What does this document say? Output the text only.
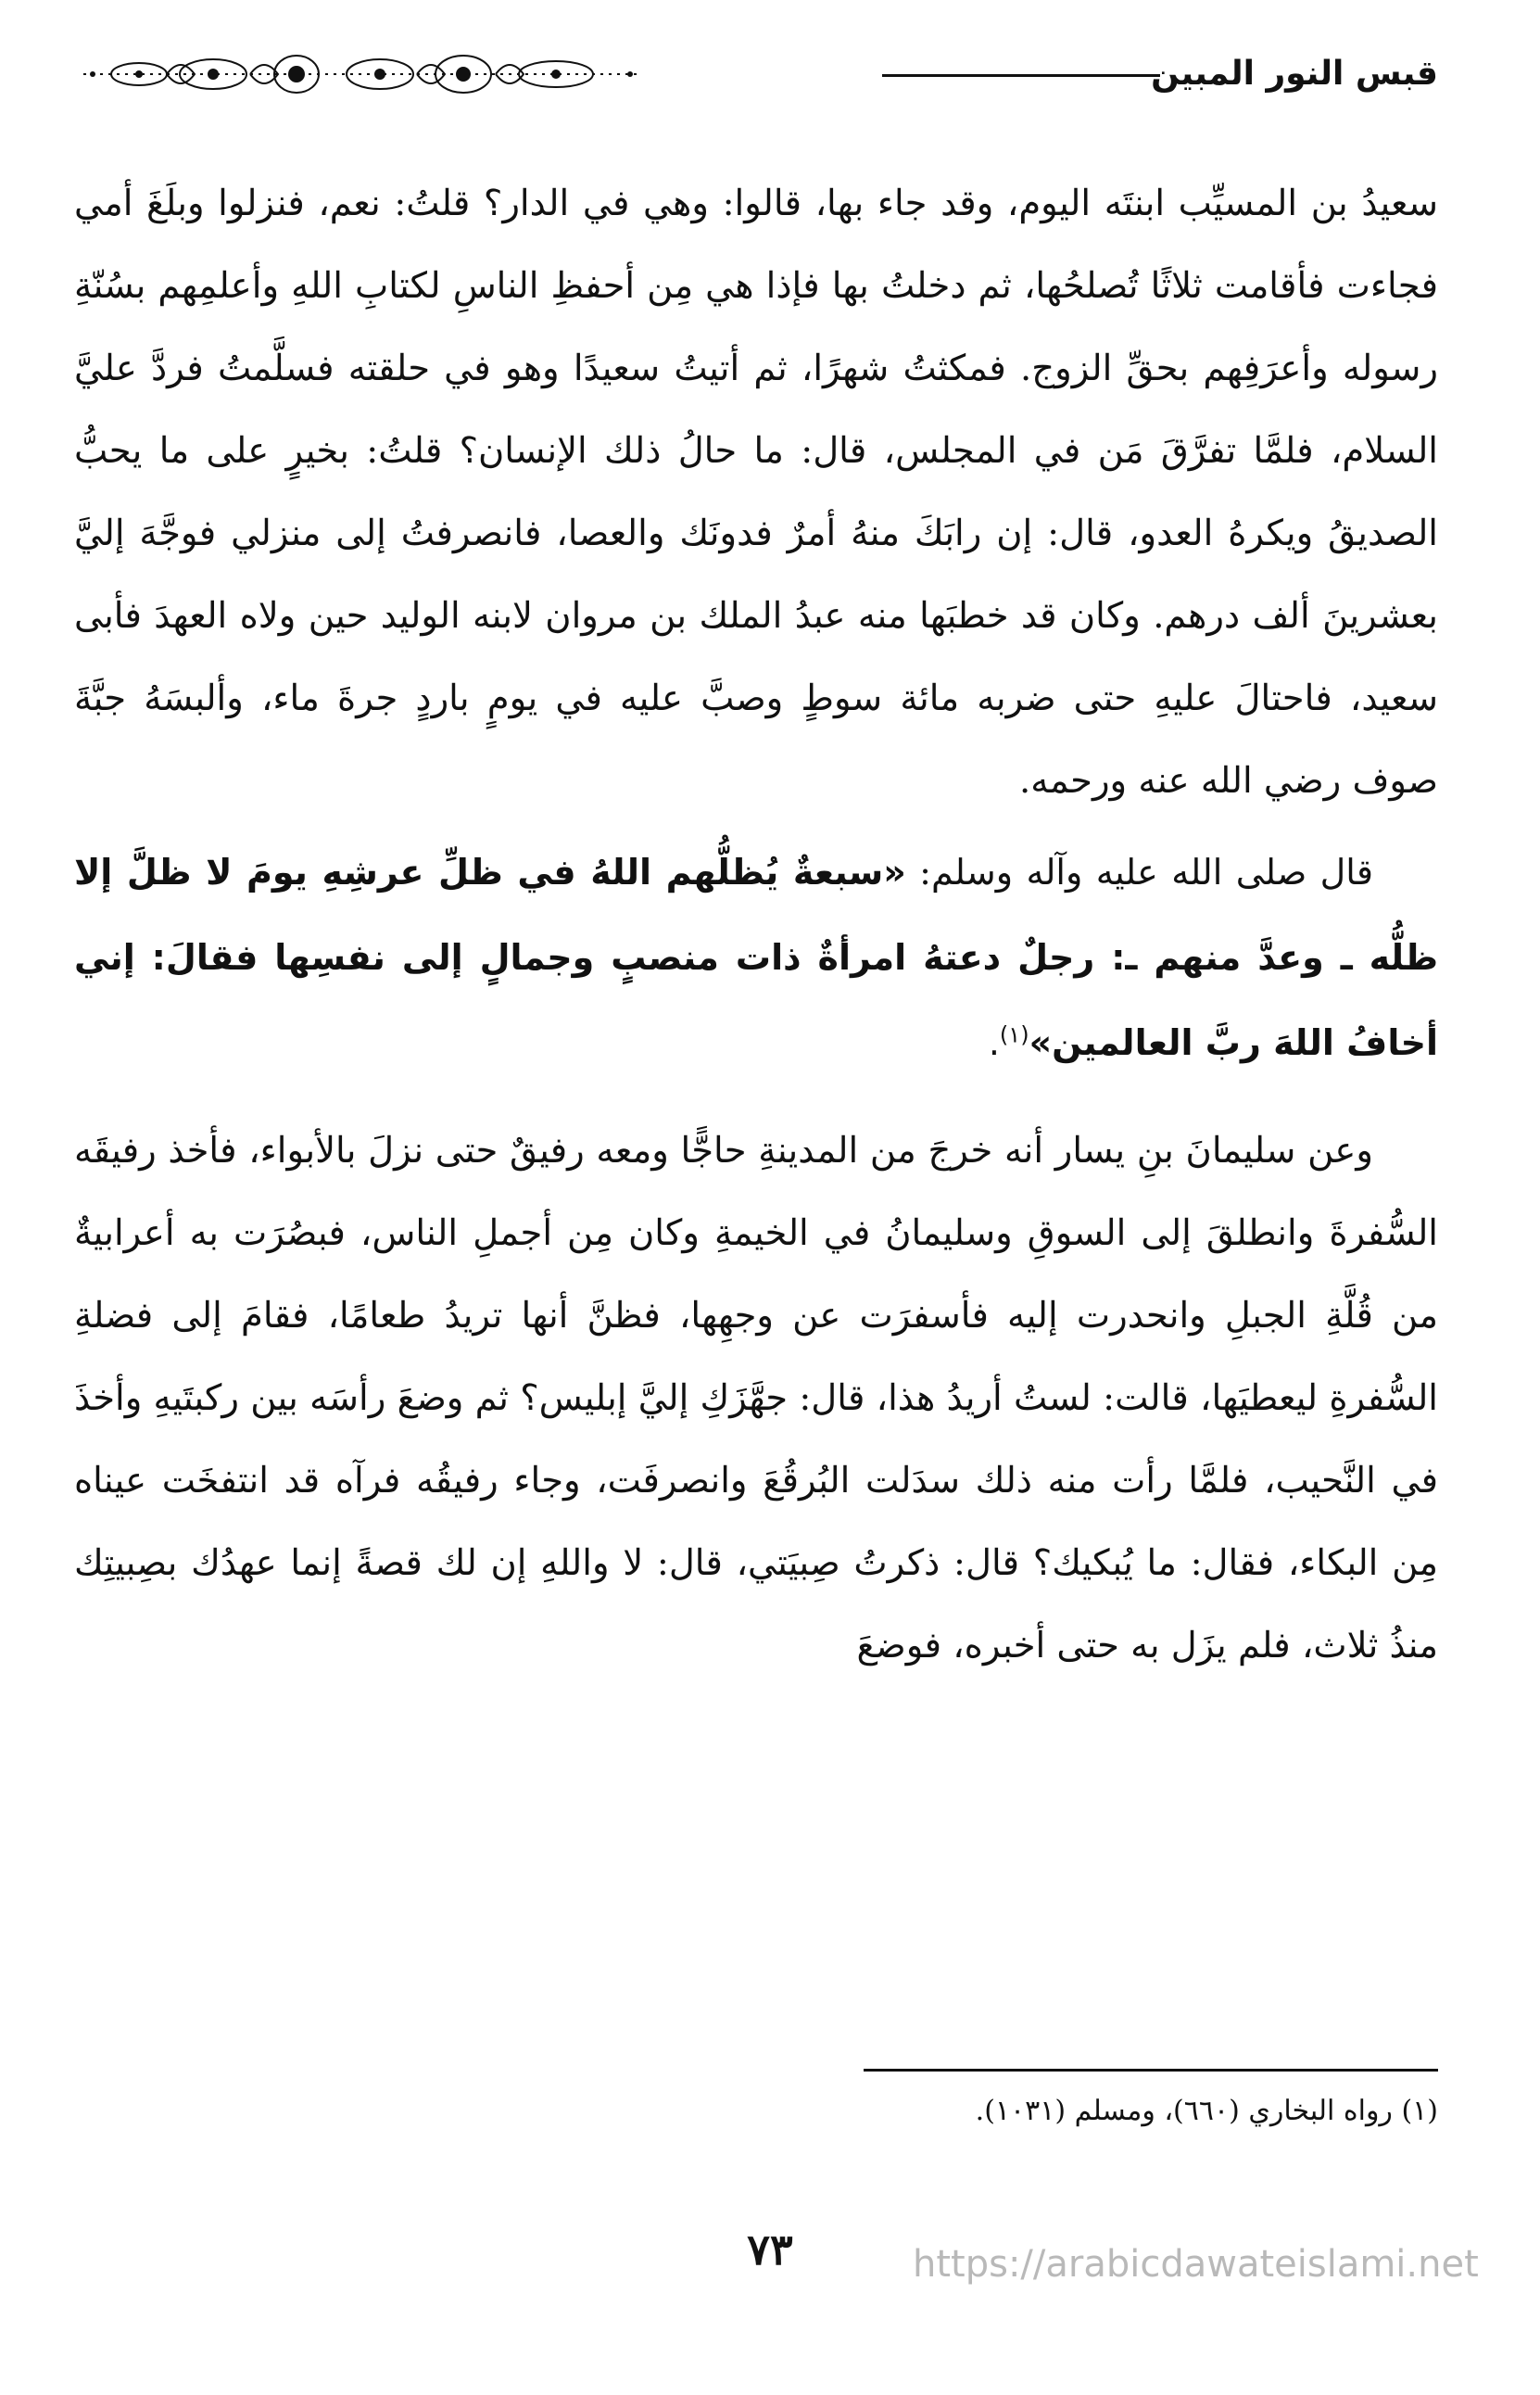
قبس النور المبين

سعيدُ بن المسيِّب ابنتَه اليوم، وقد جاء بها، قالوا: وهي في الدار؟ قلتُ: نعم، فنزلوا وبلَغَ أمي فجاءت فأقامت ثلاثًا تُصلحُها، ثم دخلتُ بها فإذا هي مِن أحفظِ الناسِ لكتابِ اللهِ وأعلمِهم بسُنّةِ رسوله وأعرَفِهم بحقِّ الزوج. فمكثتُ شهرًا، ثم أتيتُ سعيدًا وهو في حلقته فسلَّمتُ فردَّ عليَّ السلام، فلمَّا تفرَّقَ مَن في المجلس، قال: ما حالُ ذلك الإنسان؟ قلتُ: بخيرٍ على ما يحبُّ الصديقُ ويكرهُ العدو، قال: إن رابَكَ منهُ أمرٌ فدونَك والعصا، فانصرفتُ إلى منزلي فوجَّهَ إليَّ بعشرينَ ألف درهم. وكان قد خطبَها منه عبدُ الملك بن مروان لابنه الوليد حين ولاه العهدَ فأبى سعيد، فاحتالَ عليهِ حتى ضربه مائة سوطٍ وصبَّ عليه في يومٍ باردٍ جرةَ ماء، وألبسَهُ جبَّةَ صوف رضي الله عنه ورحمه.

قال صلى الله عليه وآله وسلم: «سبعةٌ يُظلُّهم اللهُ في ظلِّ عرشِهِ يومَ لا ظلَّ إلا ظلُّه ـ وعدَّ منهم ـ: رجلٌ دعتهُ امرأةٌ ذات منصبٍ وجمالٍ إلى نفسِها فقالَ: إني أخافُ اللهَ ربَّ العالمين»$^{(١)}$.

وعن سليمانَ بنِ يسار أنه خرجَ من المدينةِ حاجًّا ومعه رفيقٌ حتى نزلَ بالأبواء، فأخذ رفيقَه السُّفرةَ وانطلقَ إلى السوقِ وسليمانُ في الخيمةِ وكان مِن أجملِ الناس، فبصُرَت به أعرابيةٌ من قُلَّةِ الجبلِ وانحدرت إليه فأسفرَت عن وجهِها، فظنَّ أنها تريدُ طعامًا، فقامَ إلى فضلةِ السُّفرةِ ليعطيَها، قالت: لستُ أريدُ هذا، قال: جهَّزَكِ إليَّ إبليس؟ ثم وضعَ رأسَه بين ركبتَيهِ وأخذَ في النَّحيب، فلمَّا رأت منه ذلك سدَلت البُرقُعَ وانصرفَت، وجاء رفيقُه فرآه قد انتفخَت عيناه مِن البكاء، فقال: ما يُبكيك؟ قال: ذكرتُ صِبيَتي، قال: لا واللهِ إن لك قصةً إنما عهدُك بصِبيتِك منذُ ثلاث، فلم يزَل به حتى أخبره، فوضعَ

(١) رواه البخاري (٦٦٠)، ومسلم (١٠٣١).
٧٣	https://arabicdawateislami.net
